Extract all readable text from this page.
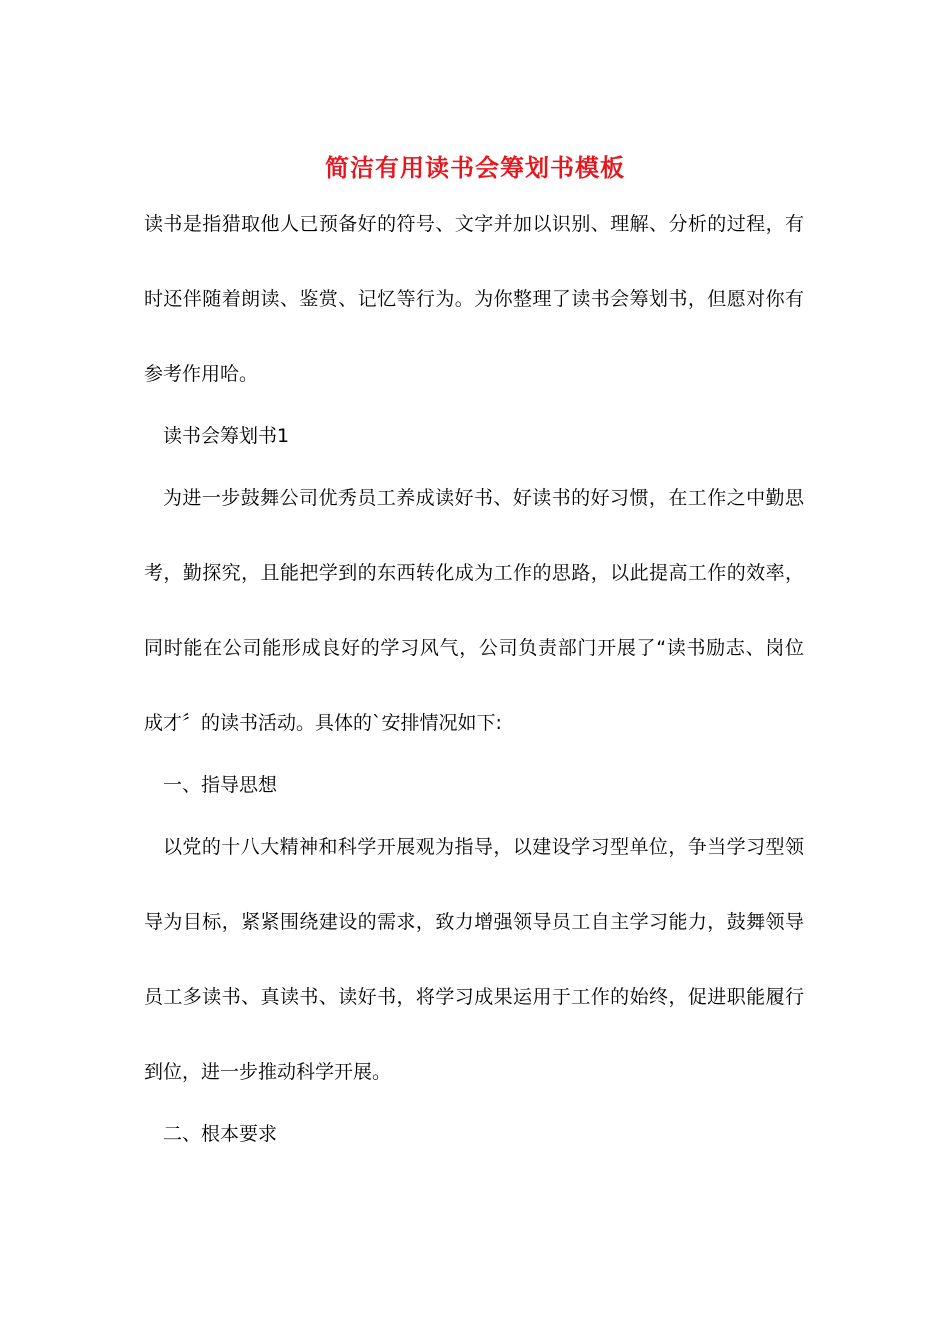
简洁有用读书会筹划书模板
读书是指猎取他人已预备好的符号、文字并加以识别、理解、分析的过程，有
时还伴随着朗读、鉴赏、记忆等行为。为你整理了读书会筹划书，但愿对你有
参考作用哈。
读书会筹划书1
为进一步鼓舞公司优秀员工养成读好书、好读书的好习惯，在工作之中勤思
考，勤探究，且能把学到的东西转化成为工作的思路，以此提高工作的效率，
同时能在公司能形成良好的学习风气，公司负责部门开展了“读书励志、岗位
成才〞的读书活动。具体的`安排情况如下:
一、指导思想
以党的十八大精神和科学开展观为指导，以建设学习型单位，争当学习型领
导为目标，紧紧围绕建设的需求，致力增强领导员工自主学习能力，鼓舞领导
员工多读书、真读书、读好书，将学习成果运用于工作的始终，促进职能履行
到位，进一步推动科学开展。
二、根本要求
